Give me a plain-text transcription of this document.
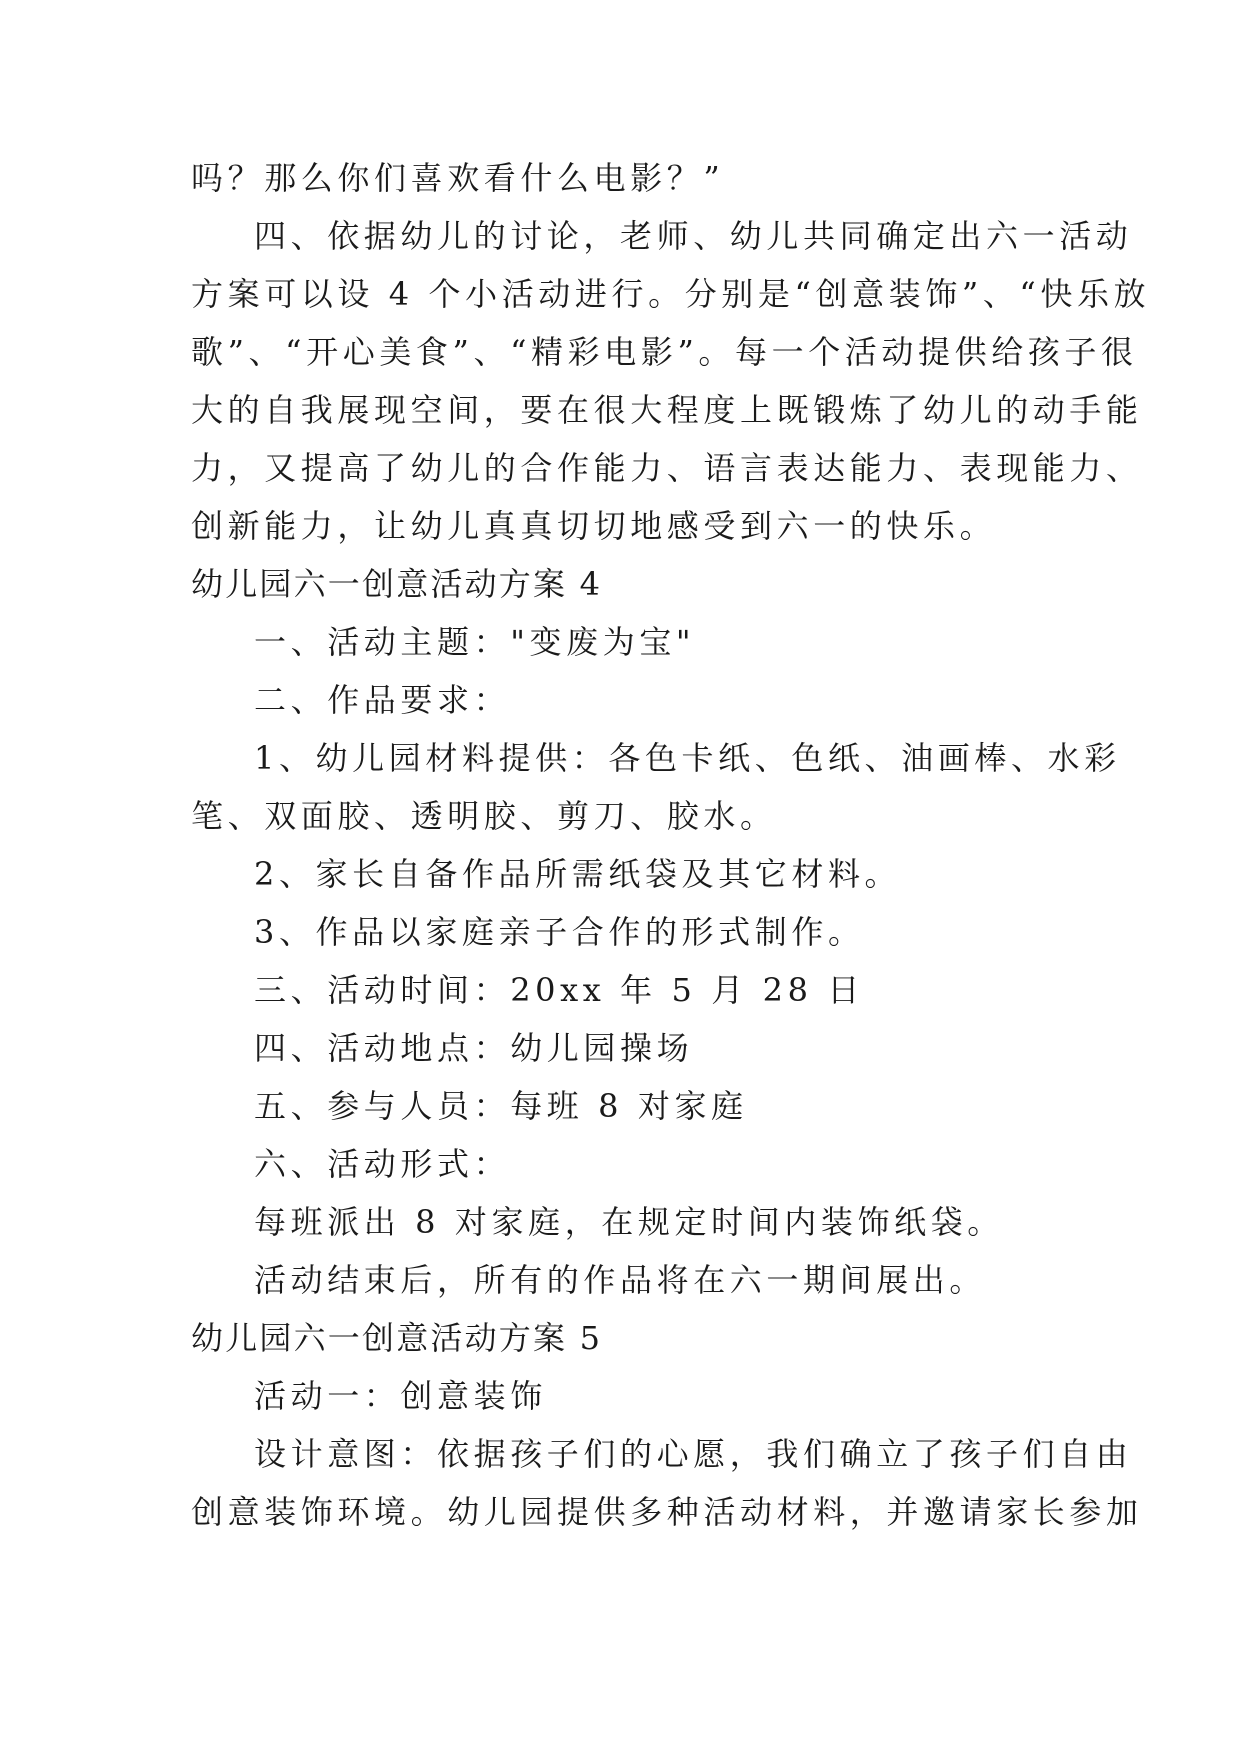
吗？那么你们喜欢看什么电影？”

四、依据幼儿的讨论，老师、幼儿共同确定出六一活动

方案可以设 4 个小活动进行。分别是“创意装饰”、“快乐放

歌”、“开心美食”、“精彩电影”。每一个活动提供给孩子很

大的自我展现空间，要在很大程度上既锻炼了幼儿的动手能

力，又提高了幼儿的合作能力、语言表达能力、表现能力、

创新能力，让幼儿真真切切地感受到六一的快乐。

幼儿园六一创意活动方案 4

一、活动主题："变废为宝"

二、作品要求：

1、幼儿园材料提供：各色卡纸、色纸、油画棒、水彩

笔、双面胶、透明胶、剪刀、胶水。

2、家长自备作品所需纸袋及其它材料。

3、作品以家庭亲子合作的形式制作。

三、活动时间：20xx 年 5 月 28 日

四、活动地点：幼儿园操场

五、参与人员：每班 8 对家庭

六、活动形式：

每班派出 8 对家庭，在规定时间内装饰纸袋。

活动结束后，所有的作品将在六一期间展出。

幼儿园六一创意活动方案 5

活动一：创意装饰

设计意图：依据孩子们的心愿，我们确立了孩子们自由

创意装饰环境。幼儿园提供多种活动材料，并邀请家长参加
